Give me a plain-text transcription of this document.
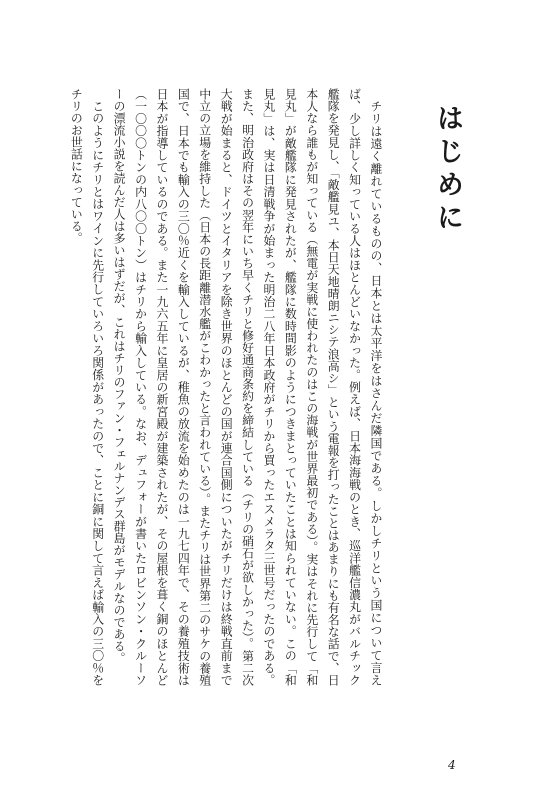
はじめに

チリは遠く離れているものの、日本とは太平洋をはさんだ隣国である。しかしチリという国について言えば、少し詳しく知っている人はほとんどいなかった。例えば、日本海海戦のとき、巡洋艦信濃丸がバルチック艦隊を発見し、「敵艦見ユ、本日天地晴朗ニシテ浪高シ」という電報を打ったことはあまりにも有名な話で、日本人なら誰もが知っている（無電が実戦に使われたのはこの海戦が世界最初である）。実はそれに先行して「和見丸」が敵艦隊に発見されたが、艦隊に数時間影のようにつきまとっていたことは知られていない。この「和見丸」は、実は日清戦争が始まった明治二八年日本政府がチリから買ったエスメラタ三世号だったのである。また、明治政府はその翌年にいち早くチリと修好通商条約を締結している（チリの硝石が欲しかった）。第二次大戦が始まると、ドイツとイタリアを除き世界のほとんどの国が連合国側についたがチリだけは終戦直前まで中立の立場を維持した（日本の長距離潜水艦がこわかったと言われている）。またチリは世界第二のサケの養殖国で、日本でも輸入の三〇％近くを輸入しているが、稚魚の放流を始めたのは一九七四年で、その養殖技術は日本が指導しているのである。また一九六五年に皇居の新宮殿が建築されたが、その屋根を葺く銅のほとんど（一〇〇〇トンの内八〇〇トン）はチリから輸入している。なお、デュフォーが書いたロビンソン・クルーソーの漂流小説を読んだ人は多いはずだが、これはチリのファン・フェルナンデス群島がモデルなのである。

このようにチリとはワインに先行していろいろ関係があったので、ことに銅に関して言えば輸入の三〇％をチリのお世話になっている。

4
